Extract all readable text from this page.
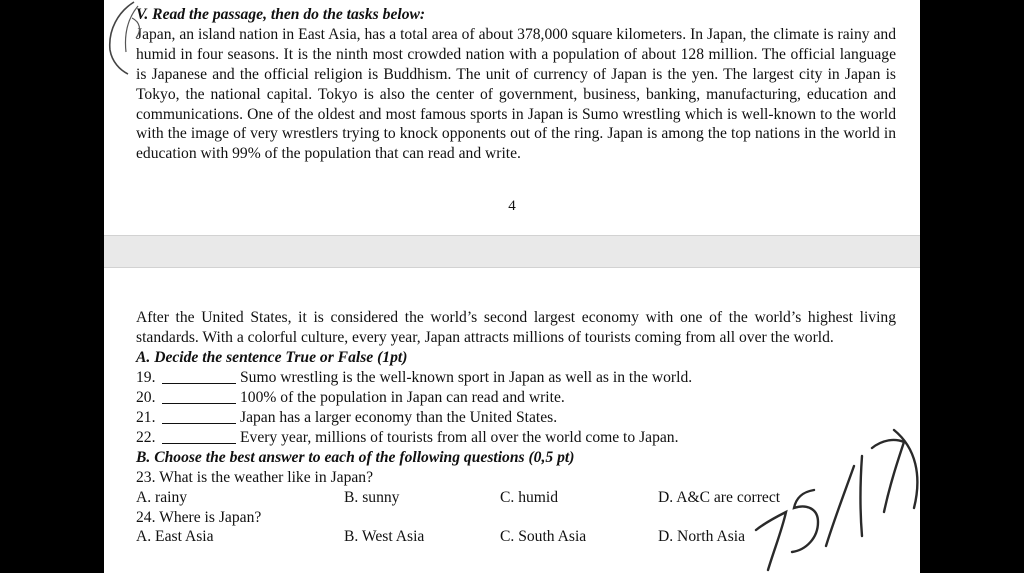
V. Read the passage, then do the tasks below:
Japan, an island nation in East Asia, has a total area of about 378,000 square kilometers. In Japan, the climate is rainy and humid in four seasons. It is the ninth most crowded nation with a population of about 128 million. The official language is Japanese and the official religion is Buddhism. The unit of currency of Japan is the yen. The largest city in Japan is Tokyo, the national capital. Tokyo is also the center of government, business, banking, manufacturing, education and communications. One of the oldest and most famous sports in Japan is Sumo wrestling which is well-known to the world with the image of very wrestlers trying to knock opponents out of the ring. Japan is among the top nations in the world in education with 99% of the population that can read and write.
4
After the United States, it is considered the world’s second largest economy with one of the world’s highest living standards. With a colorful culture, every year, Japan attracts millions of tourists coming from all over the world.
A. Decide the sentence True or False (1pt)
19.	Sumo wrestling is the well-known sport in Japan as well as in the world.
20.	100% of the population in Japan can read and write.
21.	Japan has a larger economy than the United States.
22.	Every year, millions of tourists from all over the world come to Japan.
B. Choose the best answer to each of the following questions (0,5 pt)
23. What is the weather like in Japan?
A. rainy	B. sunny	C. humid	D. A&C are correct
24. Where is Japan?
A. East Asia	B. West Asia	C. South Asia	D. North Asia
